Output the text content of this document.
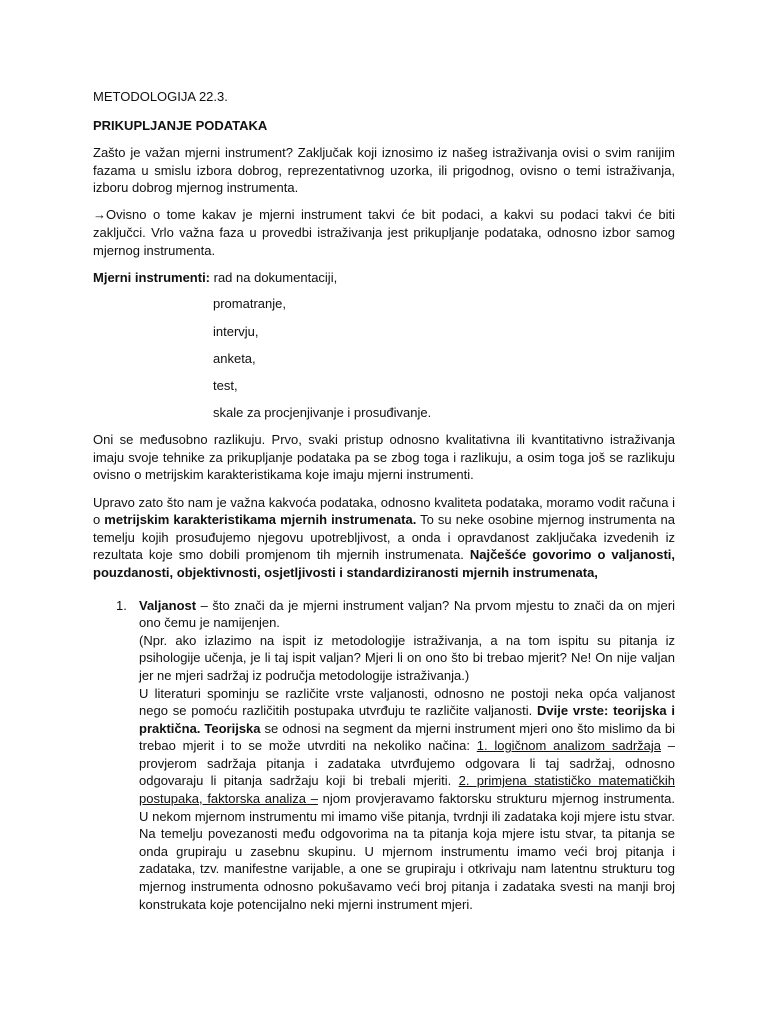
METODOLOGIJA 22.3.

PRIKUPLJANJE PODATAKA

Zašto je važan mjerni instrument? Zaključak koji iznosimo iz našeg istraživanja ovisi o svim ranijim fazama u smislu izbora dobrog, reprezentativnog uzorka, ili prigodnog, ovisno o temi istraživanja, izboru dobrog mjernog instrumenta.

→Ovisno o tome kakav je mjerni instrument takvi će bit podaci, a kakvi su podaci takvi će biti zaključci. Vrlo važna faza u provedbi istraživanja jest prikupljanje podataka, odnosno izbor samog mjernog instrumenta.

Mjerni instrumenti: rad na dokumentaciji,

promatranje,

intervju,

anketa,

test,

skale za procjenjivanje i prosuđivanje.

Oni se međusobno razlikuju. Prvo, svaki pristup odnosno kvalitativna ili kvantitativno istraživanja imaju svoje tehnike za prikupljanje podataka pa se zbog toga i razlikuju, a osim toga još se razlikuju ovisno o metrijskim karakteristikama koje imaju mjerni instrumenti.

Upravo zato što nam je važna kakvoća podataka, odnosno kvaliteta podataka, moramo vodit računa i o metrijskim karakteristikama mjernih instrumenata. To su neke osobine mjernog instrumenta na temelju kojih prosuđujemo njegovu upotrebljivost, a onda i opravdanost zaključaka izvedenih iz rezultata koje smo dobili promjenom tih mjernih instrumenata. Najčešće govorimo o valjanosti, pouzdanosti, objektivnosti, osjetljivosti i standardiziranosti mjernih instrumenata,

1. Valjanost – što znači da je mjerni instrument valjan? Na prvom mjestu to znači da on mjeri ono čemu je namijenjen.

(Npr. ako izlazimo na ispit iz metodologije istraživanja, a na tom ispitu su pitanja iz psihologije učenja, je li taj ispit valjan? Mjeri li on ono što bi trebao mjerit? Ne! On nije valjan jer ne mjeri sadržaj iz područja metodologije istraživanja.)

U literaturi spominju se različite vrste valjanosti, odnosno ne postoji neka opća valjanost nego se pomoću različitih postupaka utvrđuju te različite valjanosti. Dvije vrste: teorijska i praktična. Teorijska se odnosi na segment da mjerni instrument mjeri ono što mislimo da bi trebao mjerit i to se može utvrditi na nekoliko načina: 1. logičnom analizom sadržaja – provjerom sadržaja pitanja i zadataka utvrđujemo odgovara li taj sadržaj, odnosno odgovaraju li pitanja sadržaju koji bi trebali mjeriti. 2. primjena statističko matematičkih postupaka, faktorska analiza – njom provjeravamo faktorsku strukturu mjernog instrumenta. U nekom mjernom instrumentu mi imamo više pitanja, tvrdnji ili zadataka koji mjere istu stvar. Na temelju povezanosti među odgovorima na ta pitanja koja mjere istu stvar, ta pitanja se onda grupiraju u zasebnu skupinu. U mjernom instrumentu imamo veći broj pitanja i zadataka, tzv. manifestne varijable, a one se grupiraju i otkrivaju nam latentnu strukturu tog mjernog instrumenta odnosno pokušavamo veći broj pitanja i zadataka svesti na manji broj konstrukata koje potencijalno neki mjerni instrument mjeri.
